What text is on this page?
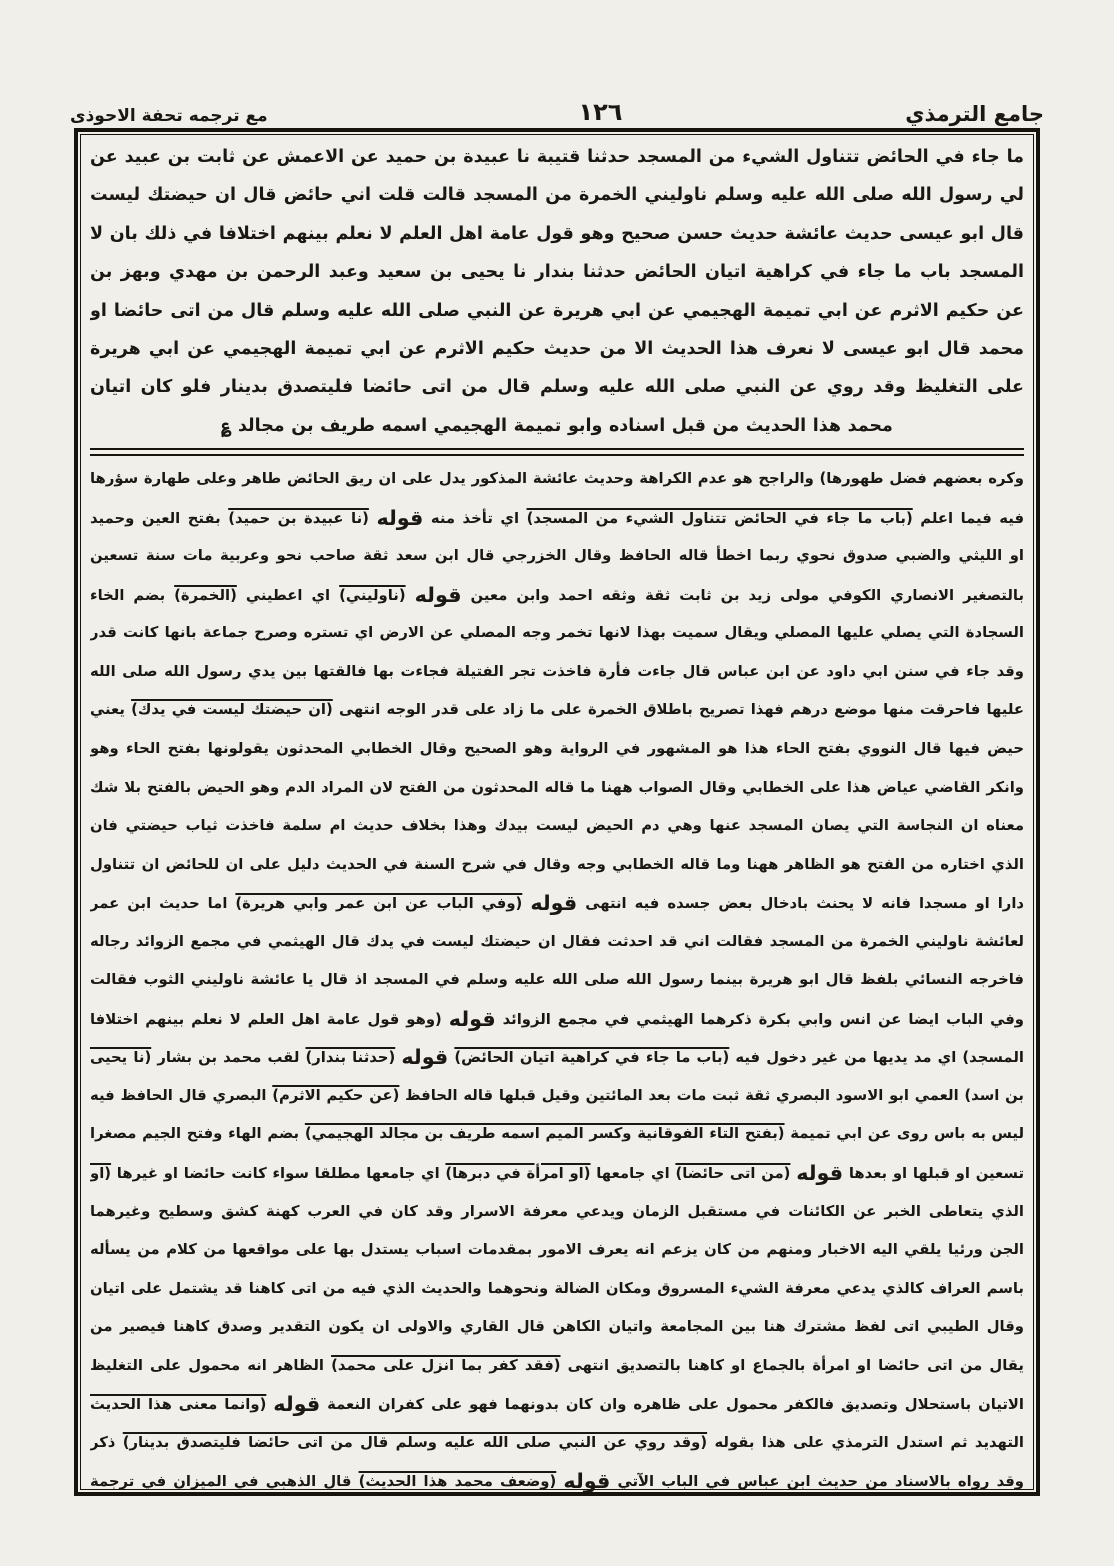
جامع الترمذي
١٢٦
مع ترجمه تحفة الاحوذى
ما جاء في الحائض تتناول الشيء من المسجد حدثنا قتيبة نا عبيدة بن حميد عن الاعمش عن ثابت بن عبيد عن
لي رسول الله صلى الله عليه وسلم ناوليني الخمرة من المسجد قالت قلت اني حائض قال ان حيضتك ليست
قال ابو عيسى حديث عائشة حديث حسن صحيح وهو قول عامة اهل العلم لا نعلم بينهم اختلافا في ذلك بان لا
المسجد باب ما جاء في كراهية اتيان الحائض حدثنا بندار نا يحيى بن سعيد وعبد الرحمن بن مهدي وبهز بن
عن حكيم الاثرم عن ابي تميمة الهجيمي عن ابي هريرة عن النبي صلى الله عليه وسلم قال من اتى حائضا او
محمد قال ابو عيسى لا نعرف هذا الحديث الا من حديث حكيم الاثرم عن ابي تميمة الهجيمي عن ابي هريرة
على التغليظ وقد روي عن النبي صلى الله عليه وسلم قال من اتى حائضا فليتصدق بدينار فلو كان اتيان
محمد هذا الحديث من قبل اسناده وابو تميمة الهجيمي اسمه طريف بن مجالد ؏
وكره بعضهم فضل طهورها) والراجح هو عدم الكراهة وحديث عائشة المذكور يدل على ان ريق الحائض طاهر وعلى طهارة سؤرها
فيه فيما اعلم (باب ما جاء في الحائض تتناول الشيء من المسجد) اي تأخذ منه قوله (نا عبيدة بن حميد) بفتح العين وحميد
او الليثي والضبي صدوق نحوي ربما اخطأ قاله الحافظ وقال الخزرجي قال ابن سعد ثقة صاحب نحو وعربية مات سنة تسعين
بالتصغير الانصاري الكوفي مولى زيد بن ثابت ثقة وثقه احمد وابن معين قوله (ناوليني) اي اعطيني (الخمرة) بضم الخاء
السجادة التي يصلي عليها المصلي ويقال سميت بهذا لانها تخمر وجه المصلي عن الارض اي تستره وصرح جماعة بانها كانت قدر
وقد جاء في سنن ابي داود عن ابن عباس قال جاءت فأرة فاخذت تجر الفتيلة فجاءت بها فالقتها بين يدي رسول الله صلى الله
عليها فاحرقت منها موضع درهم فهذا تصريح باطلاق الخمرة على ما زاد على قدر الوجه انتهى (ان حيضتك ليست في يدك) يعني
حيض فيها قال النووي بفتح الحاء هذا هو المشهور في الرواية وهو الصحيح وقال الخطابي المحدثون يقولونها بفتح الحاء وهو
وانكر القاضي عياض هذا على الخطابي وقال الصواب ههنا ما قاله المحدثون من الفتح لان المراد الدم وهو الحيض بالفتح بلا شك
معناه ان النجاسة التي يصان المسجد عنها وهي دم الحيض ليست بيدك وهذا بخلاف حديث ام سلمة فاخذت ثياب حيضتي فان
الذي اختاره من الفتح هو الظاهر ههنا وما قاله الخطابي وجه وقال في شرح السنة في الحديث دليل على ان للحائض ان تتناول
دارا او مسجدا فانه لا يحنث بادخال بعض جسده فيه انتهى قوله (وفي الباب عن ابن عمر وابي هريرة) اما حديث ابن عمر
لعائشة ناوليني الخمرة من المسجد فقالت اني قد احدثت فقال ان حيضتك ليست في يدك قال الهيثمي في مجمع الزوائد رجاله
فاخرجه النسائي بلفظ قال ابو هريرة بينما رسول الله صلى الله عليه وسلم في المسجد اذ قال يا عائشة ناوليني الثوب فقالت
وفي الباب ايضا عن انس وابي بكرة ذكرهما الهيثمي في مجمع الزوائد قوله (وهو قول عامة اهل العلم لا نعلم بينهم اختلافا
المسجد) اي مد يديها من غير دخول فيه (باب ما جاء في كراهية اتيان الحائض) قوله (حدثنا بندار) لقب محمد بن بشار (نا يحيى
بن اسد) العمي ابو الاسود البصري ثقة ثبت مات بعد المائتين وقيل قبلها قاله الحافظ (عن حكيم الاثرم) البصري قال الحافظ فيه
ليس به باس روى عن ابي تميمة (بفتح التاء الفوقانية وكسر الميم اسمه طريف بن مجالد الهجيمي) بضم الهاء وفتح الجيم مصغرا
تسعين او قبلها او بعدها قوله (من اتى حائضا) اي جامعها (او امرأة في دبرها) اي جامعها مطلقا سواء كانت حائضا او غيرها (او
الذي يتعاطى الخبر عن الكائنات في مستقبل الزمان ويدعي معرفة الاسرار وقد كان في العرب كهنة كشق وسطيح وغيرهما
الجن ورئيا يلقي اليه الاخبار ومنهم من كان يزعم انه يعرف الامور بمقدمات اسباب يستدل بها على مواقعها من كلام من يسأله
باسم العراف كالذي يدعي معرفة الشيء المسروق ومكان الضالة ونحوهما والحديث الذي فيه من اتى كاهنا قد يشتمل على اتيان
وقال الطيبي اتى لفظ مشترك هنا بين المجامعة واتيان الكاهن قال القاري والاولى ان يكون التقدير وصدق كاهنا فيصير من
يقال من اتى حائضا او امرأة بالجماع او كاهنا بالتصديق انتهى (فقد كفر بما انزل على محمد) الظاهر انه محمول على التغليظ
الاتيان باستحلال وتصديق فالكفر محمول على ظاهره وان كان بدونهما فهو على كفران النعمة قوله (وانما معنى هذا الحديث
التهديد ثم استدل الترمذي على هذا بقوله (وقد روي عن النبي صلى الله عليه وسلم قال من اتى حائضا فليتصدق بدينار) ذكر
وقد رواه بالاسناد من حديث ابن عباس في الباب الآتي قوله (وضعف محمد هذا الحديث) قال الذهبي في الميزان في ترجمة
